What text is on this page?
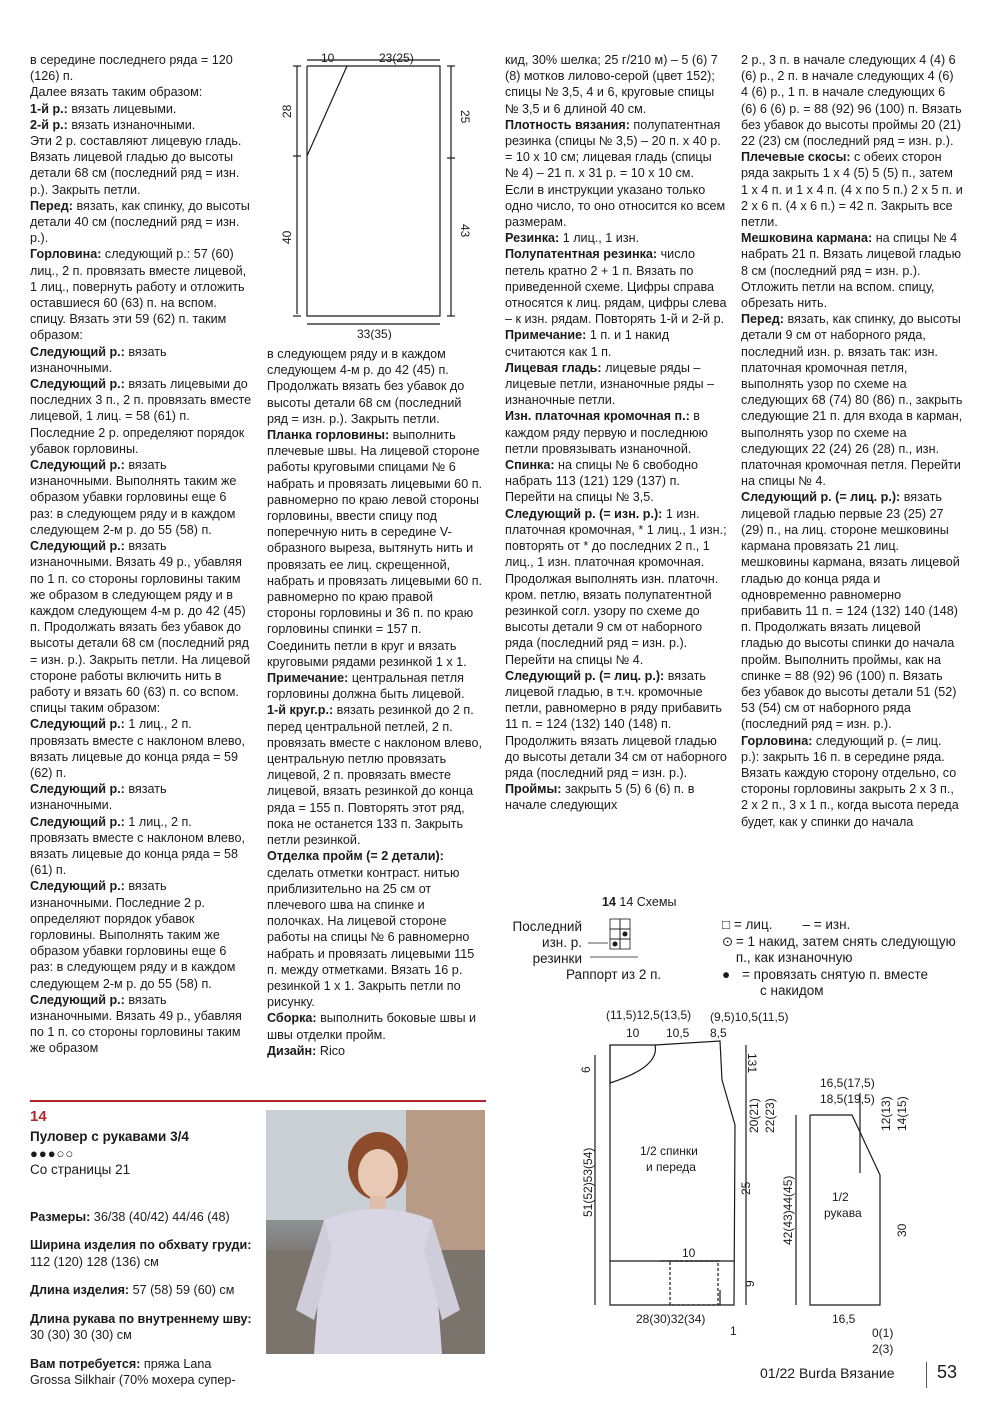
в середине последнего ряда = 120 (126) п.

Далее вязать таким образом:

1-й р.: вязать лицевыми.

2-й р.: вязать изнаночными.

Эти 2 р. составляют лицевую гладь. Вязать лицевой гладью до высоты детали 68 см (последний ряд = изн. р.). Закрыть петли.

Перед: вязать, как спинку, до высоты детали 40 см (последний ряд = изн. р.).

Горловина: следующий р.: 57 (60) лиц., 2 п. провязать вместе лицевой, 1 лиц., повернуть работу и отложить оставшиеся 60 (63) п. на вспом. спицу. Вязать эти 59 (62) п. таким образом:

Следующий р.: вязать изнаночными.

Следующий р.: вязать лицевыми до последних 3 п., 2 п. провязать вместе лицевой, 1 лиц. = 58 (61) п. Последние 2 р. определяют порядок убавок горловины.

Следующий р.: вязать изнаночными. Выполнять таким же образом убавки горловины еще 6 раз: в следующем ряду и в каждом следующем 2-м р. до 55 (58) п.

Следующий р.: вязать изнаночными. Вязать 49 р., убавляя по 1 п. со стороны горловины таким же образом в следующем ряду и в каждом следующем 4-м р. до 42 (45) п. Продолжать вязать без убавок до высоты детали 68 см (последний ряд = изн. р.). Закрыть петли. На лицевой стороне работы включить нить в работу и вязать 60 (63) п. со вспом. спицы таким образом:

Следующий р.: 1 лиц., 2 п. провязать вместе с наклоном влево, вязать лицевые до конца ряда = 59 (62) п.

Следующий р.: вязать изнаночными.

Следующий р.: 1 лиц., 2 п. провязать вместе с наклоном влево, вязать лицевые до конца ряда = 58 (61) п.

Следующий р.: вязать изнаночными. Последние 2 р. определяют порядок убавок горловины. Выполнять таким же образом убавки горловины еще 6 раз: в следующем ряду и в каждом следующем 2-м р. до 55 (58) п. Следующий р.: вязать изнаночными. Вязать 49 р., убавляя по 1 п. со стороны горловины таким же образом

10	23(25)
28	25
40	43
33(35)

в следующем ряду и в каждом следующем 4-м р. до 42 (45) п. Продолжать вязать без убавок до высоты детали 68 см (последний ряд = изн. р.). Закрыть петли.

Планка горловины: выполнить плечевые швы. На лицевой стороне работы круговыми спицами № 6 набрать и провязать лицевыми 60 п. равномерно по краю левой стороны горловины, ввести спицу под поперечную нить в середине V-образного выреза, вытянуть нить и провязать ее лиц. скрещенной, набрать и провязать лицевыми 60 п. равномерно по краю правой стороны горловины и 36 п. по краю горловины спинки = 157 п. Соединить петли в круг и вязать круговыми рядами резинкой 1 х 1.

Примечание: центральная петля горловины должна быть лицевой.

1-й круг.р.: вязать резинкой до 2 п. перед центральной петлей, 2 п. провязать вместе с наклоном влево, центральную петлю провязать лицевой, 2 п. провязать вместе лицевой, вязать резинкой до конца ряда = 155 п. Повторять этот ряд, пока не останется 133 п. Закрыть петли резинкой.

Отделка пройм (= 2 детали): сделать отметки контраст. нитью приблизительно на 25 см от плечевого шва на спинке и полочках. На лицевой стороне работы на спицы № 6 равномерно набрать и провязать лицевыми 115 п. между отметками. Вязать 16 р. резинкой 1 х 1. Закрыть петли по рисунку.

Сборка: выполнить боковые швы и швы отделки пройм.

Дизайн: Rico

кид, 30% шелка; 25 г/210 м) – 5 (6) 7 (8) мотков лилово-серой (цвет 152); спицы № 3,5, 4 и 6, круговые спицы № 3,5 и 6 длиной 40 см.

Плотность вязания: полупатентная резинка (спицы № 3,5) – 20 п. х 40 р. = 10 х 10 см; лицевая гладь (спицы № 4) – 21 п. х 31 р. = 10 х 10 см.

Если в инструкции указано только одно число, то оно относится ко всем размерам.

Резинка: 1 лиц., 1 изн.

Полупатентная резинка: число петель кратно 2 + 1 п. Вязать по приведенной схеме. Цифры справа относятся к лиц. рядам, цифры слева – к изн. рядам. Повторять 1-й и 2-й р.

Примечание: 1 п. и 1 накид считаются как 1 п.

Лицевая гладь: лицевые ряды – лицевые петли, изнаночные ряды – изнаночные петли.

Изн. платочная кромочная п.: в каждом ряду первую и последнюю петли провязывать изнаночной.

Спинка: на спицы № 6 свободно набрать 113 (121) 129 (137) п. Перейти на спицы № 3,5.

Следующий р. (= изн. р.): 1 изн. платочная кромочная, * 1 лиц., 1 изн.; повторять от * до последних 2 п., 1 лиц., 1 изн. платочная кромочная. Продолжая выполнять изн. платочн. кром. петлю, вязать полупатентной резинкой согл. узору по схеме до высоты детали 9 см от наборного ряда (последний ряд = изн. р.). Перейти на спицы № 4.

Следующий р. (= лиц. р.): вязать лицевой гладью, в т.ч. кромочные петли, равномерно в ряду прибавить 11 п. = 124 (132) 140 (148) п. Продолжить вязать лицевой гладью до высоты детали 34 см от наборного ряда (последний ряд = изн. р.). Проймы: закрыть 5 (5) 6 (6) п. в начале следующих

2 р., 3 п. в начале следующих 4 (4) 6 (6) р., 2 п. в начале следующих 4 (6) 4 (6) р., 1 п. в начале следующих 6 (6) 6 (6) р. = 88 (92) 96 (100) п. Вязать без убавок до высоты проймы 20 (21) 22 (23) см (последний ряд = изн. р.).

Плечевые скосы: с обеих сторон ряда закрыть 1 х 4 (5) 5 (5) п., затем 1 х 4 п. и 1 х 4 п. (4 х по 5 п.) 2 х 5 п. и 2 х 6 п. (4 х 6 п.) = 42 п. Закрыть все петли.

Мешковина кармана: на спицы № 4 набрать 21 п. Вязать лицевой гладью 8 см (последний ряд = изн. р.). Отложить петли на вспом. спицу, обрезать нить.

Перед: вязать, как спинку, до высоты детали 9 см от наборного ряда, последний изн. р. вязать так: изн. платочная кромочная петля, выполнять узор по схеме на следующих 68 (74) 80 (86) п., закрыть следующие 21 п. для входа в карман, выполнять узор по схеме на следующих 22 (24) 26 (28) п., изн. платочная кромочная петля. Перейти на спицы № 4.

Следующий р. (= лиц. р.): вязать лицевой гладью первые 23 (25) 27 (29) п., на лиц. стороне мешковины кармана провязать 21 лиц. мешковины кармана, вязать лицевой гладью до конца ряда и одновременно равномерно прибавить 11 п. = 124 (132) 140 (148) п. Продолжать вязать лицевой гладью до высоты спинки до начала пройм. Выполнить проймы, как на спинке = 88 (92) 96 (100) п. Вязать без убавок до высоты детали 51 (52) 53 (54) см от наборного ряда (последний ряд = изн. р.).

Горловина: следующий р. (= лиц. р.): закрыть 16 п. в середине ряда. Вязать каждую сторону отдельно, со стороны горловины закрыть 2 х 3 п., 2 х 2 п., 3 х 1 п., когда высота переда будет, как у спинки до начала

14
Пуловер с рукавами 3/4
●●●○○
Со страницы 21

Размеры: 36/38 (40/42) 44/46 (48)

Ширина изделия по обхвату груди: 112 (120) 128 (136) см

Длина изделия: 57 (58) 59 (60) см

Длина рукава по внутреннему шву: 30 (30) 30 (30) см

Вам потребуется: пряжа Lana Grossa Silkhair (70% мохера супер-

14 14 Схемы
Последний
изн. р.
резинки
Раппорт из 2 п.
□ = лиц. – = изн.
⊙ = 1 накид, затем снять следующую п., как изнаночную
● = провязать снятую п. вместе
с накидом
(11,5)12,5(13,5) (9,5)10,5(11,5)
10 10,5 8,5
6	131
20(21) 22(23)
1/2 спинки
и переда
51(52)53(54)	25
10
9
28(30)32(34)
1
16,5(17,5)
18,5(19,5) 12(13) 14(15)
1/2
рукава
42(43)44(45)	30
16,5
0(1)
2(3)
01/22 Burda Вязание 53
